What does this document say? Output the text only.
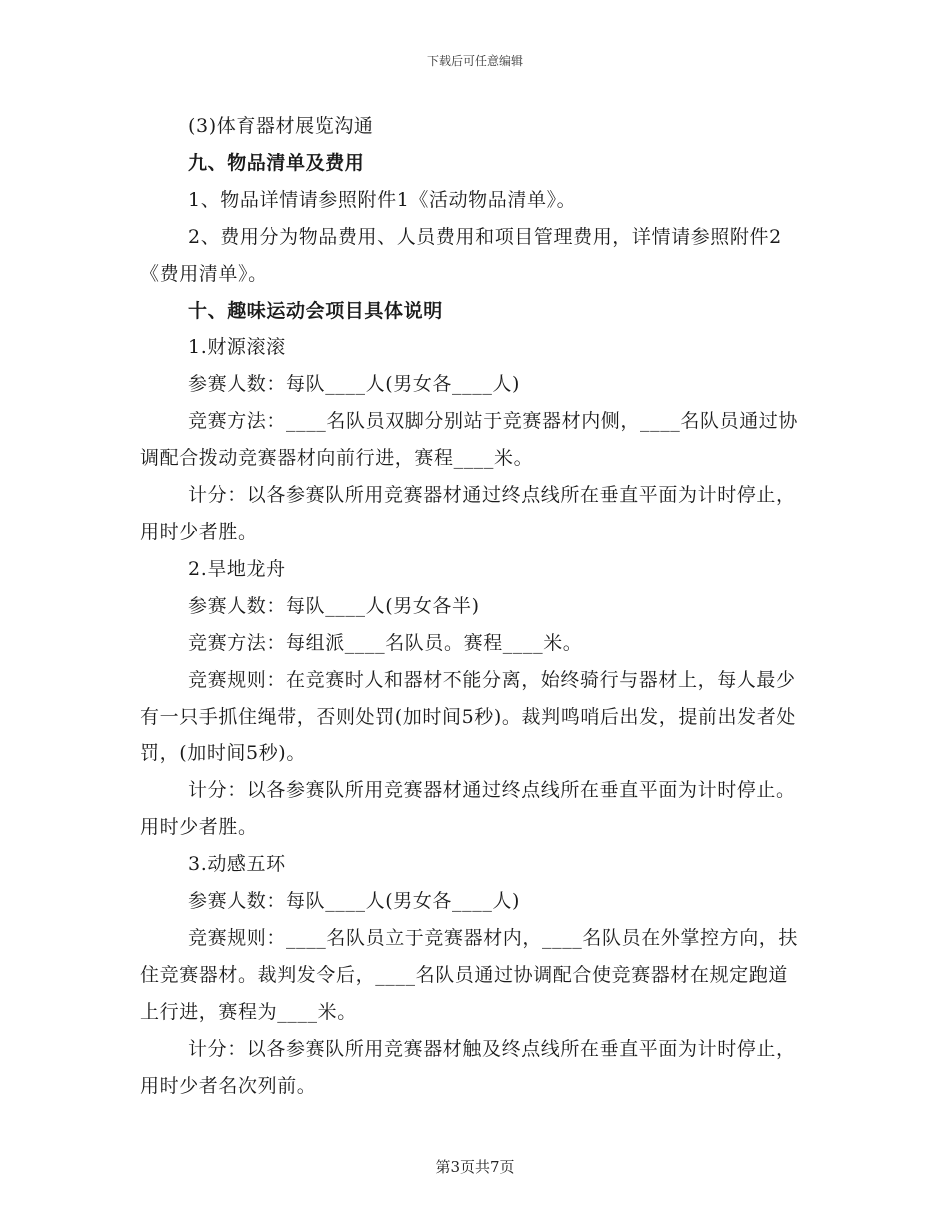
下载后可任意编辑

(3)体育器材展览沟通

九、物品清单及费用

1、物品详情请参照附件1《活动物品清单》。

2、费用分为物品费用、人员费用和项目管理费用，详情请参照附件2《费用清单》。

十、趣味运动会项目具体说明

1.财源滚滚

参赛人数：每队____人(男女各____人)

竞赛方法：____名队员双脚分别站于竞赛器材内侧，____名队员通过协调配合拨动竞赛器材向前行进，赛程____米。

计分：以各参赛队所用竞赛器材通过终点线所在垂直平面为计时停止，用时少者胜。

2.旱地龙舟

参赛人数：每队____人(男女各半)

竞赛方法：每组派____名队员。赛程____米。

竞赛规则：在竞赛时人和器材不能分离，始终骑行与器材上，每人最少有一只手抓住绳带，否则处罚(加时间5秒)。裁判鸣哨后出发，提前出发者处罚，(加时间5秒)。

计分：以各参赛队所用竞赛器材通过终点线所在垂直平面为计时停止。用时少者胜。

3.动感五环

参赛人数：每队____人(男女各____人)

竞赛规则：____名队员立于竞赛器材内，____名队员在外掌控方向，扶住竞赛器材。裁判发令后，____名队员通过协调配合使竞赛器材在规定跑道上行进，赛程为____米。

计分：以各参赛队所用竞赛器材触及终点线所在垂直平面为计时停止，用时少者名次列前。

第3页共7页
